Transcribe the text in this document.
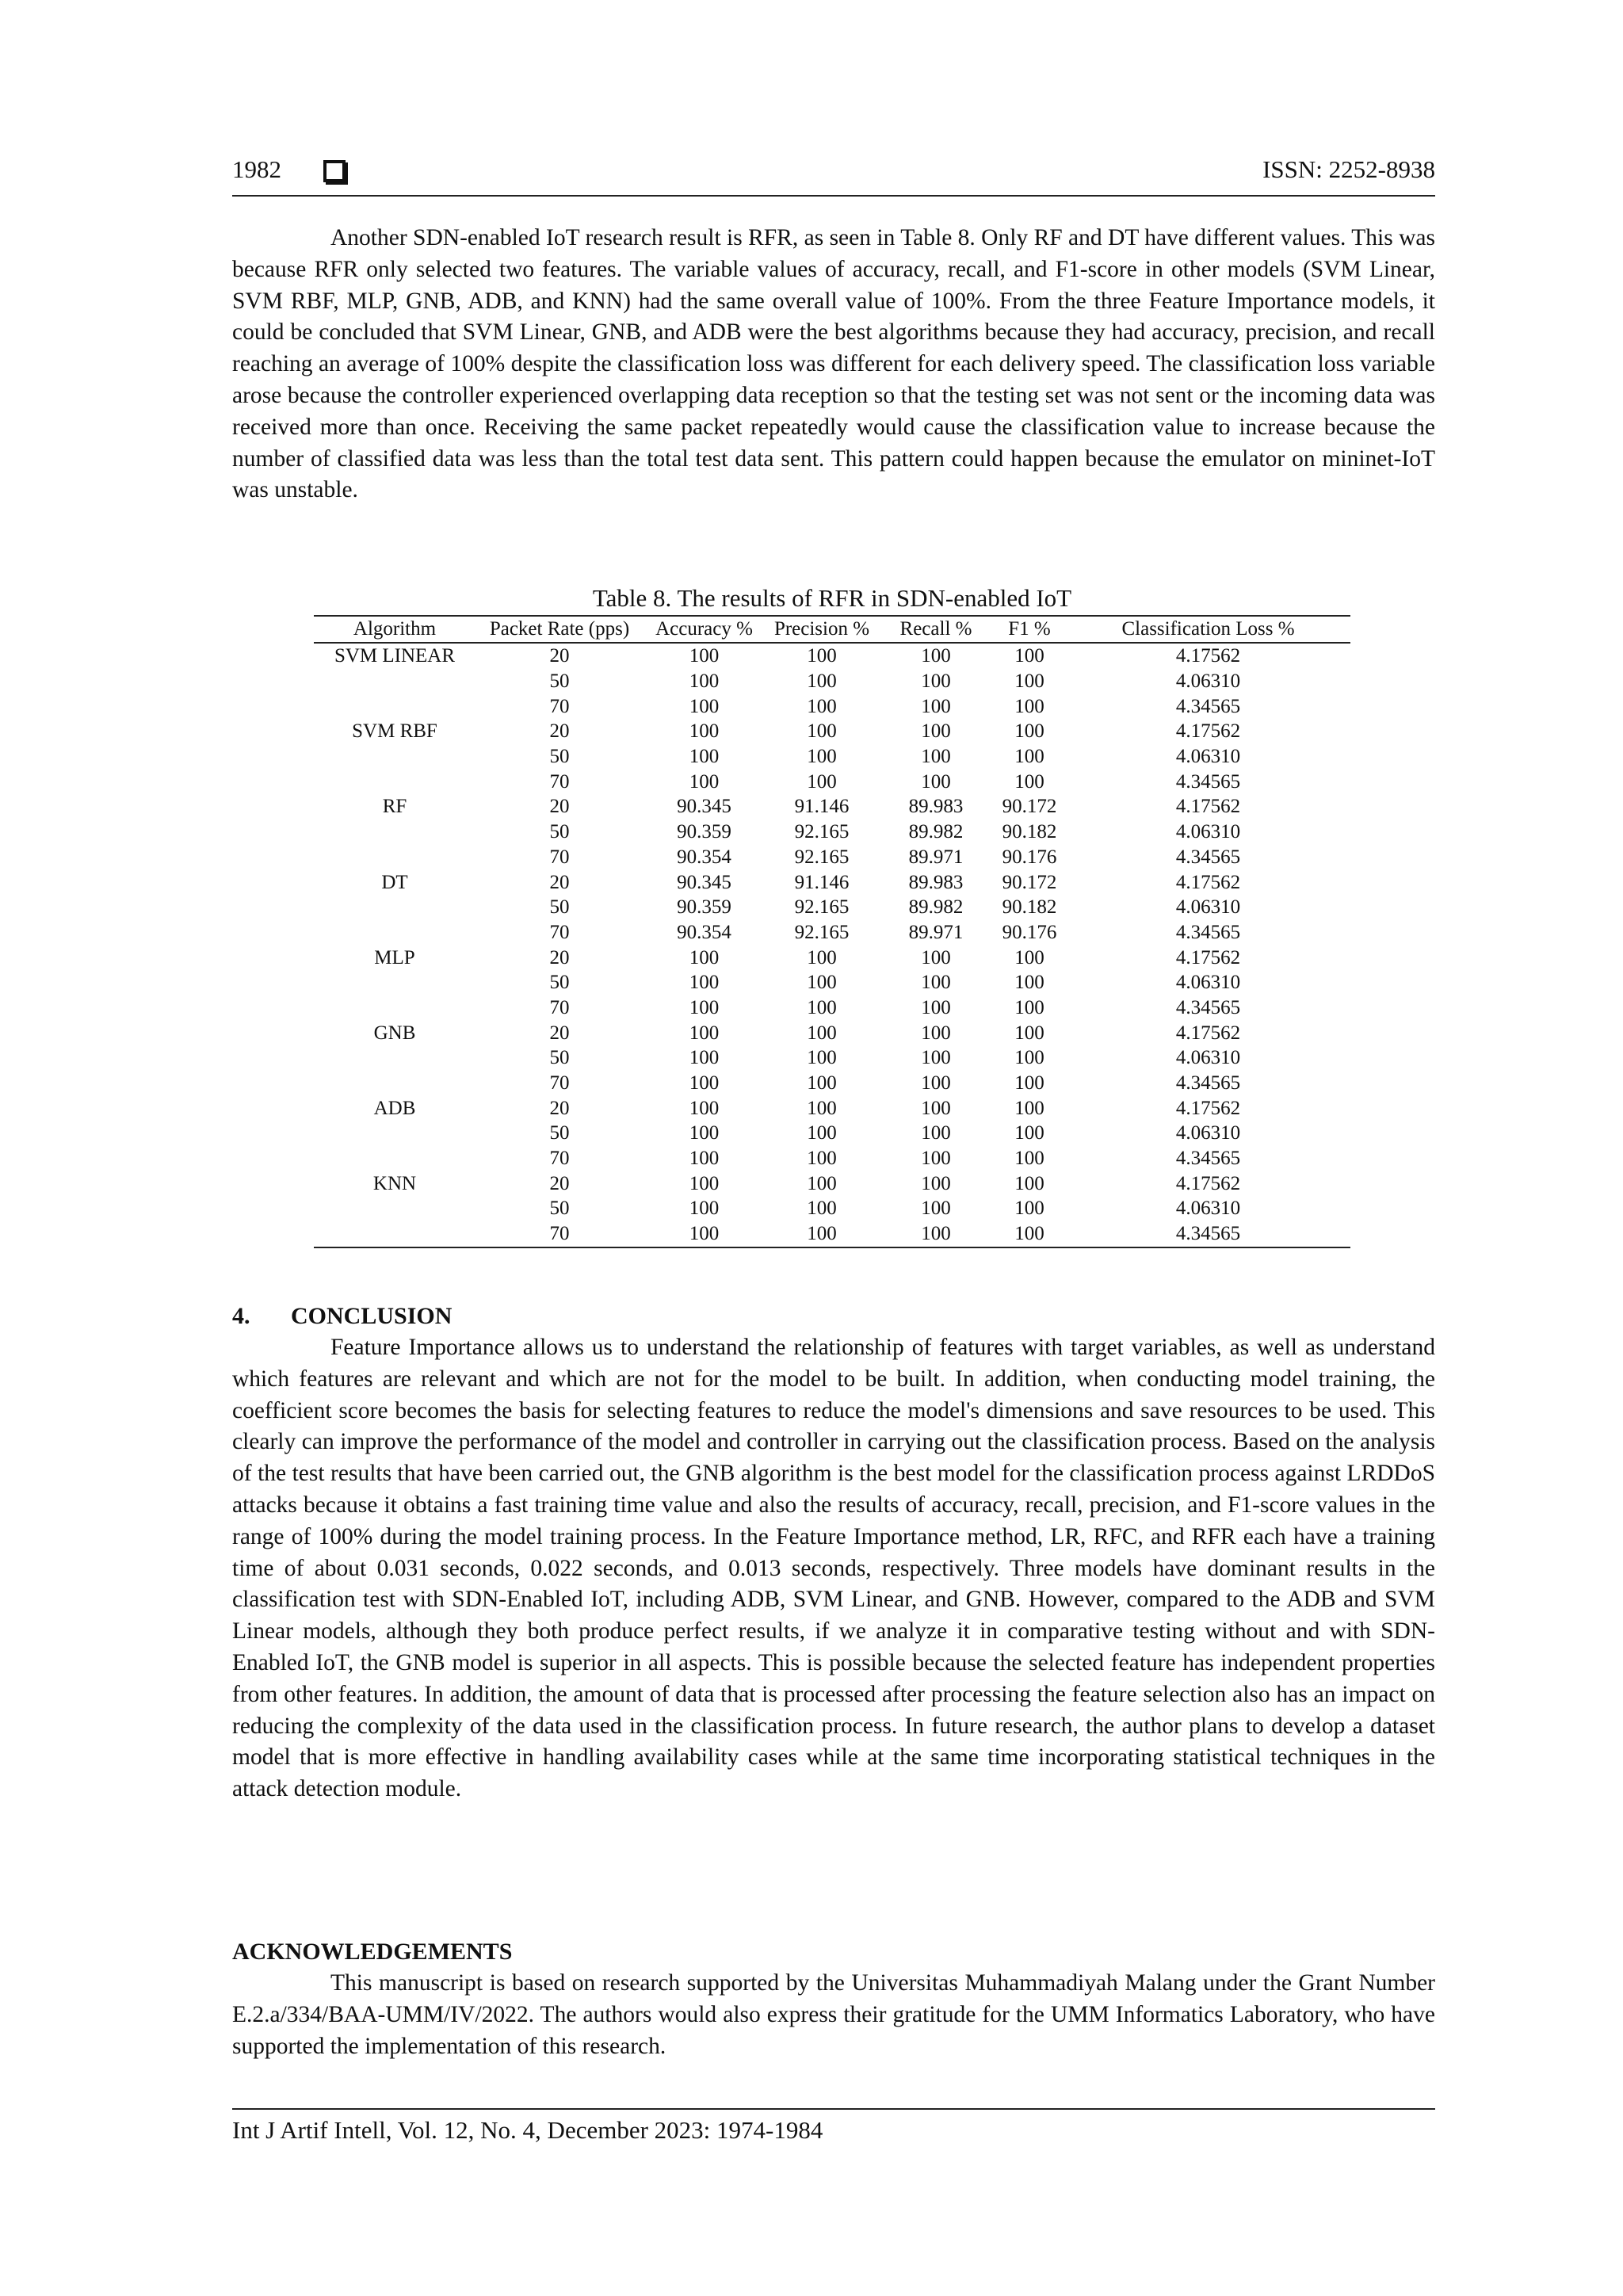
1982	ISSN: 2252-8938

Another SDN-enabled IoT research result is RFR, as seen in Table 8. Only RF and DT have different values. This was because RFR only selected two features. The variable values of accuracy, recall, and F1-score in other models (SVM Linear, SVM RBF, MLP, GNB, ADB, and KNN) had the same overall value of 100%. From the three Feature Importance models, it could be concluded that SVM Linear, GNB, and ADB were the best algorithms because they had accuracy, precision, and recall reaching an average of 100% despite the classification loss was different for each delivery speed. The classification loss variable arose because the controller experienced overlapping data reception so that the testing set was not sent or the incoming data was received more than once. Receiving the same packet repeatedly would cause the classification value to increase because the number of classified data was less than the total test data sent. This pattern could happen because the emulator on mininet-IoT was unstable.

Table 8. The results of RFR in SDN-enabled IoT
Algorithm	Packet Rate (pps)	Accuracy %	Precision %	Recall %	F1 %	Classification Loss %
SVM LINEAR	20	100	100	100	100	4.17562
	50	100	100	100	100	4.06310
	70	100	100	100	100	4.34565
SVM RBF	20	100	100	100	100	4.17562
	50	100	100	100	100	4.06310
	70	100	100	100	100	4.34565
RF	20	90.345	91.146	89.983	90.172	4.17562
	50	90.359	92.165	89.982	90.182	4.06310
	70	90.354	92.165	89.971	90.176	4.34565
DT	20	90.345	91.146	89.983	90.172	4.17562
	50	90.359	92.165	89.982	90.182	4.06310
	70	90.354	92.165	89.971	90.176	4.34565
MLP	20	100	100	100	100	4.17562
	50	100	100	100	100	4.06310
	70	100	100	100	100	4.34565
GNB	20	100	100	100	100	4.17562
	50	100	100	100	100	4.06310
	70	100	100	100	100	4.34565
ADB	20	100	100	100	100	4.17562
	50	100	100	100	100	4.06310
	70	100	100	100	100	4.34565
KNN	20	100	100	100	100	4.17562
	50	100	100	100	100	4.06310
	70	100	100	100	100	4.34565
4. CONCLUSION

Feature Importance allows us to understand the relationship of features with target variables, as well as understand which features are relevant and which are not for the model to be built. In addition, when conducting model training, the coefficient score becomes the basis for selecting features to reduce the model's dimensions and save resources to be used. This clearly can improve the performance of the model and controller in carrying out the classification process. Based on the analysis of the test results that have been carried out, the GNB algorithm is the best model for the classification process against LRDDoS attacks because it obtains a fast training time value and also the results of accuracy, recall, precision, and F1-score values in the range of 100% during the model training process. In the Feature Importance method, LR, RFC, and RFR each have a training time of about 0.031 seconds, 0.022 seconds, and 0.013 seconds, respectively. Three models have dominant results in the classification test with SDN-Enabled IoT, including ADB, SVM Linear, and GNB. However, compared to the ADB and SVM Linear models, although they both produce perfect results, if we analyze it in comparative testing without and with SDN-Enabled IoT, the GNB model is superior in all aspects. This is possible because the selected feature has independent properties from other features. In addition, the amount of data that is processed after processing the feature selection also has an impact on reducing the complexity of the data used in the classification process. In future research, the author plans to develop a dataset model that is more effective in handling availability cases while at the same time incorporating statistical techniques in the attack detection module.

ACKNOWLEDGEMENTS

This manuscript is based on research supported by the Universitas Muhammadiyah Malang under the Grant Number E.2.a/334/BAA-UMM/IV/2022. The authors would also express their gratitude for the UMM Informatics Laboratory, who have supported the implementation of this research.

Int J Artif Intell, Vol. 12, No. 4, December 2023: 1974-1984
